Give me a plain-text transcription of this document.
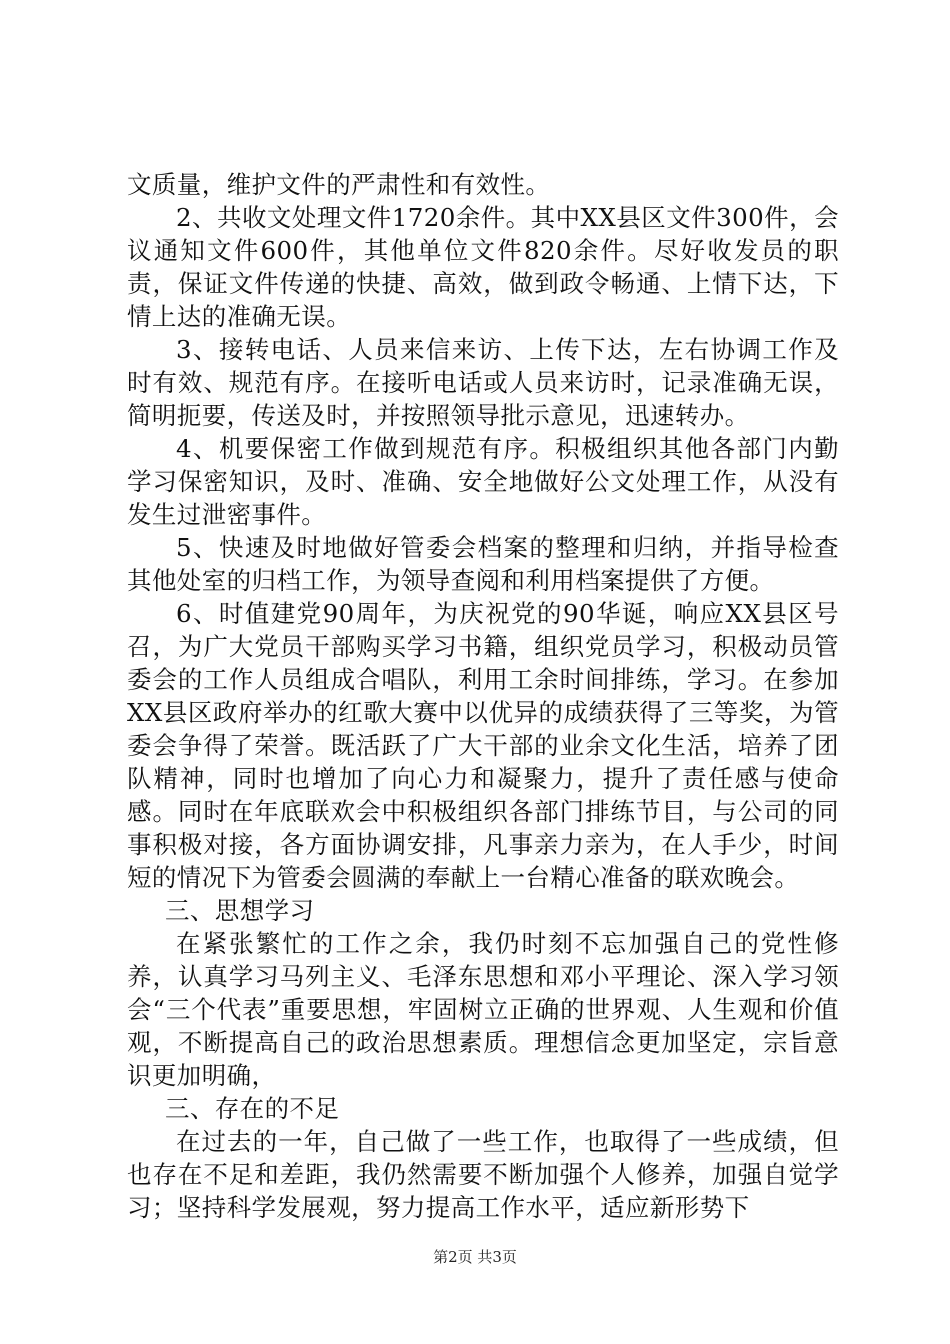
文质量，维护文件的严肃性和有效性。

2、共收文处理文件1720余件。其中XX县区文件300件，会议通知文件600件，其他单位文件820余件。尽好收发员的职责，保证文件传递的快捷、高效，做到政令畅通、上情下达，下情上达的准确无误。

3、接转电话、人员来信来访、上传下达，左右协调工作及时有效、规范有序。在接听电话或人员来访时，记录准确无误，简明扼要，传送及时，并按照领导批示意见，迅速转办。

4、机要保密工作做到规范有序。积极组织其他各部门内勤学习保密知识，及时、准确、安全地做好公文处理工作，从没有发生过泄密事件。

5、快速及时地做好管委会档案的整理和归纳，并指导检查其他处室的归档工作，为领导查阅和利用档案提供了方便。

6、时值建党90周年，为庆祝党的90华诞，响应XX县区号召，为广大党员干部购买学习书籍，组织党员学习，积极动员管委会的工作人员组成合唱队，利用工余时间排练，学习。在参加XX县区政府举办的红歌大赛中以优异的成绩获得了三等奖，为管委会争得了荣誉。既活跃了广大干部的业余文化生活，培养了团队精神，同时也增加了向心力和凝聚力，提升了责任感与使命感。同时在年底联欢会中积极组织各部门排练节目，与公司的同事积极对接，各方面协调安排，凡事亲力亲为，在人手少，时间短的情况下为管委会圆满的奉献上一台精心准备的联欢晚会。

三、思想学习

在紧张繁忙的工作之余，我仍时刻不忘加强自己的党性修养，认真学习马列主义、毛泽东思想和邓小平理论、深入学习领会“三个代表”重要思想，牢固树立正确的世界观、人生观和价值观，不断提高自己的政治思想素质。理想信念更加坚定，宗旨意识更加明确，

三、存在的不足

在过去的一年，自己做了一些工作，也取得了一些成绩，但也存在不足和差距，我仍然需要不断加强个人修养，加强自觉学习；坚持科学发展观，努力提高工作水平，适应新形势下

第2页 共3页
